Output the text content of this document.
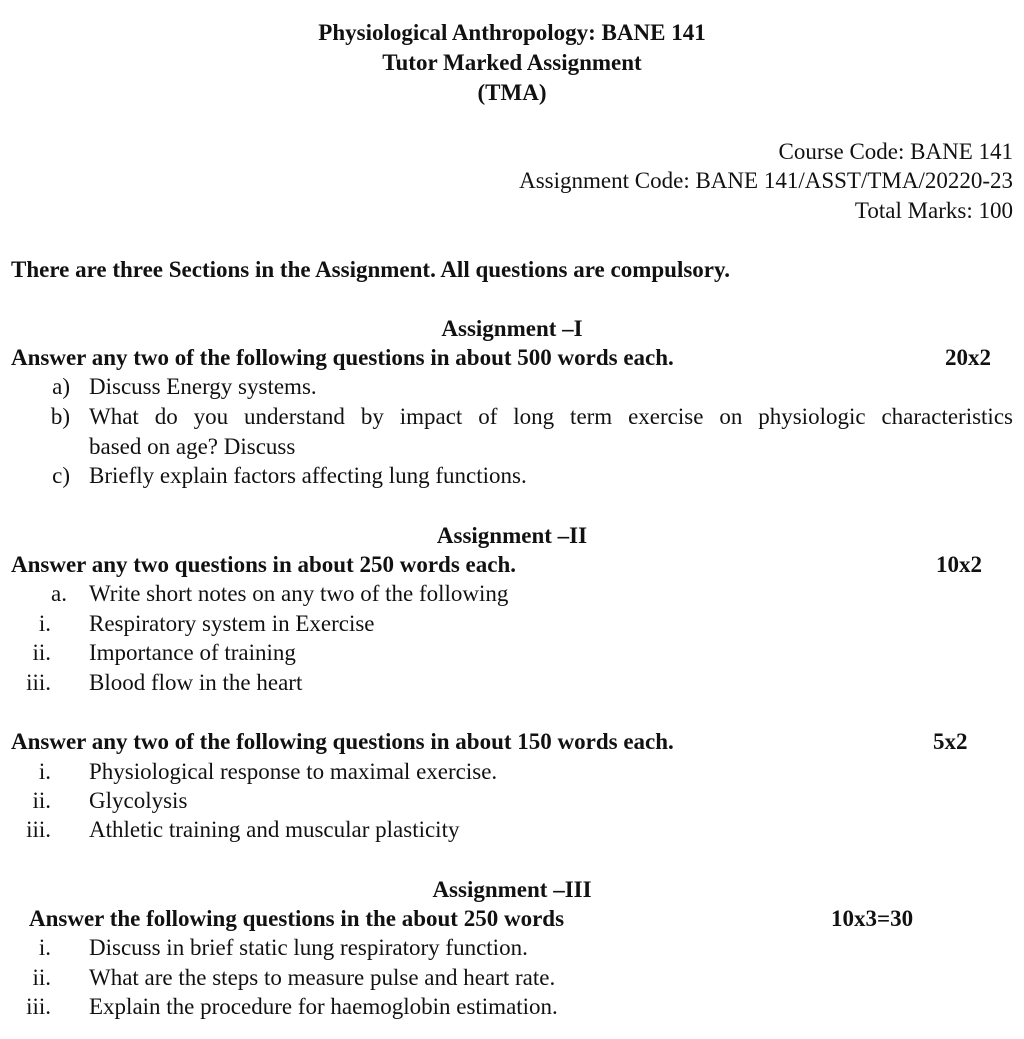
Physiological Anthropology: BANE 141
Tutor Marked Assignment
(TMA)
Course Code: BANE 141
Assignment Code: BANE 141/ASST/TMA/20220-23
Total Marks: 100
There are three Sections in the Assignment. All questions are compulsory.
Assignment –I
Answer any two of the following questions in about 500 words each.	20x2
a) Discuss Energy systems.
b) What do you understand by impact of long term exercise on physiologic characteristics
based on age? Discuss
c) Briefly explain factors affecting lung functions.
Assignment –II
Answer any two questions in about 250 words each.	10x2
a. Write short notes on any two of the following
i. Respiratory system in Exercise
ii. Importance of training
iii. Blood flow in the heart
Answer any two of the following questions in about 150 words each.	5x2
i. Physiological response to maximal exercise.
ii. Glycolysis
iii. Athletic training and muscular plasticity
Assignment –III
Answer the following questions in the about 250 words	10x3=30
i. Discuss in brief static lung respiratory function.
ii. What are the steps to measure pulse and heart rate.
iii. Explain the procedure for haemoglobin estimation.
